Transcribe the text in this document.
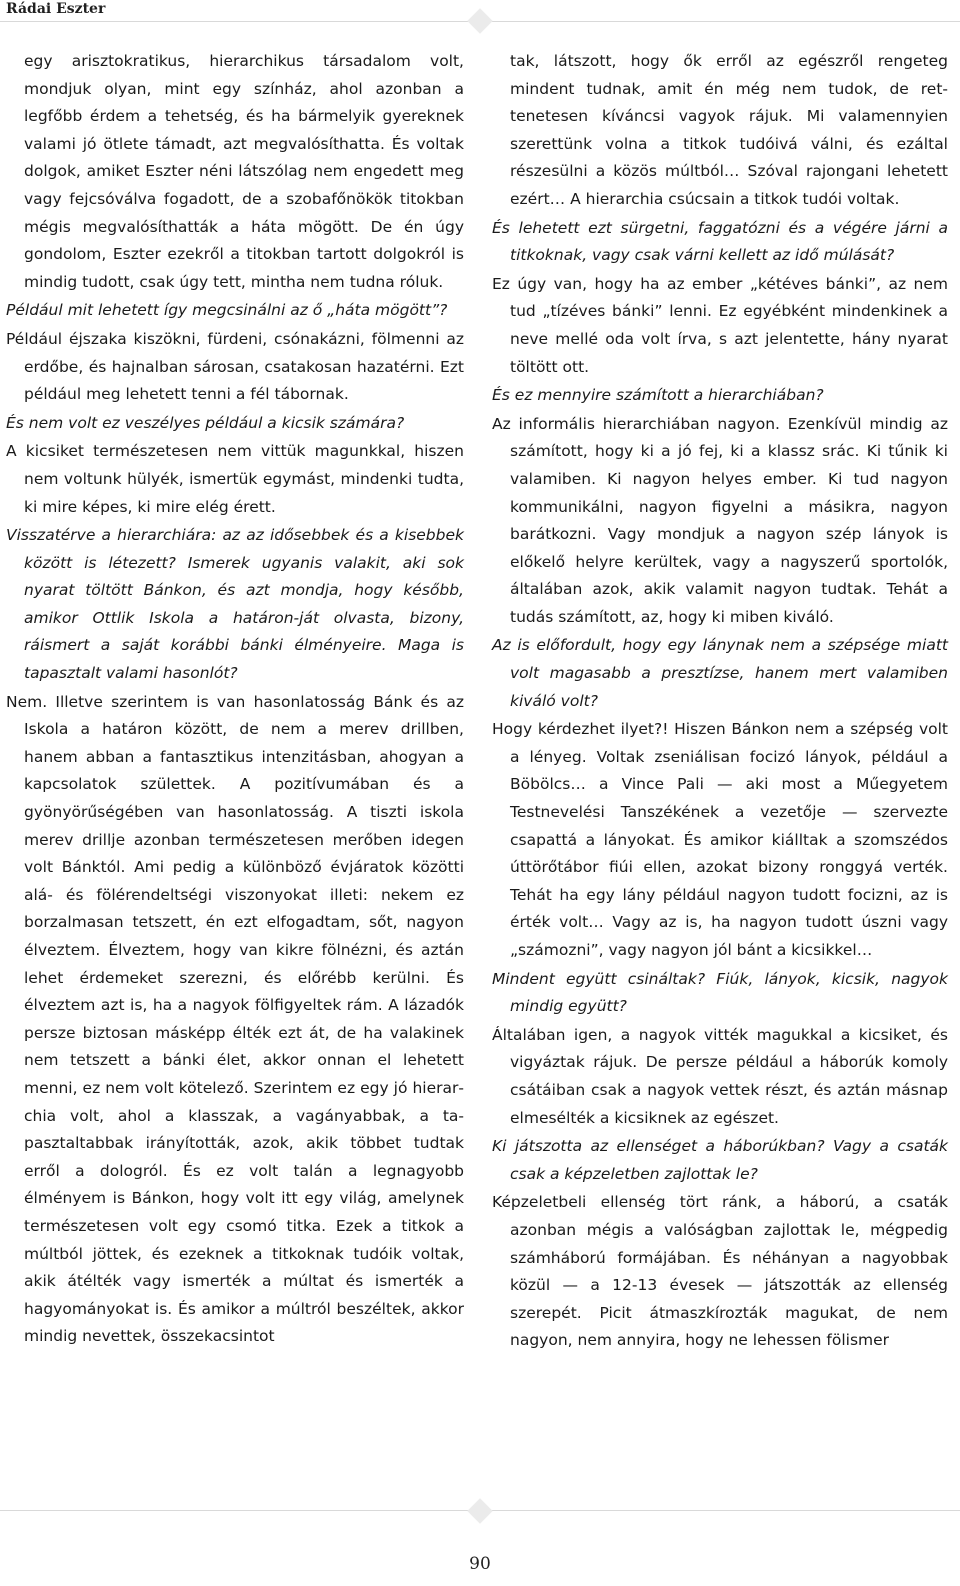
Rádai Eszter

egy arisztokratikus, hierarchikus társadalom volt, mondjuk olyan, mint egy színház, ahol azonban a legfőbb érdem a tehetség, és ha bármelyik gyereknek valami jó ötlete támadt, azt megvalósíthatta. És voltak dolgok, amiket Eszter néni látszólag nem engedett meg vagy fejcsóválva fogadott, de a szobafőnökök titokban mégis megvalósíthatták a háta mögött. De én úgy gondolom, Eszter ezekről a titokban tartott dolgokról is mindig tudott, csak úgy tett, mintha nem tudna róluk.

Például mit lehetett így megcsinálni az ő „háta mögött”?

Például éjszaka kiszökni, fürdeni, csónakázni, fölmenni az erdőbe, és hajnalban sárosan, csatakosan hazatérni. Ezt például meg lehetett tenni a fél tábornak.

És nem volt ez veszélyes például a kicsik számára?

A kicsiket természetesen nem vittük magunkkal, hiszen nem voltunk hülyék, ismertük egymást, mindenki tudta, ki mire képes, ki mire elég érett.

Visszatérve a hierarchiára: az az idősebbek és a kisebbek között is létezett? Ismerek ugyanis valakit, aki sok nyarat töltött Bánkon, és azt mondja, hogy később, amikor Ottlik Iskola a határon-ját olvasta, bizony, ráismert a saját korábbi bánki élményeire. Maga is tapasztalt valami hasonlót?

Nem. Illetve szerintem is van hasonlatosság Bánk és az Iskola a határon között, de nem a merev drillben, hanem abban a fantasztikus intenzitásban, ahogyan a kapcsolatok születtek. A pozitívumában és a gyönyörűségében van hasonlatosság. A tiszti iskola merev drillje azonban természetesen merőben idegen volt Bánktól. Ami pedig a különböző évjáratok közötti alá- és fölérendeltségi viszonyokat illeti: nekem ez borzalmasan tetszett, én ezt elfogadtam, sőt, nagyon élveztem. Élveztem, hogy van kikre fölnézni, és aztán lehet érdemeket szerezni, és előrébb kerülni. És élveztem azt is, ha a nagyok fölfigyeltek rám. A lázadók persze biztosan másképp élték ezt át, de ha valakinek nem tetszett a bánki élet, akkor onnan el lehetett menni, ez nem volt kötelező. Szerintem ez egy jó hierarchia volt, ahol a klasszak, a vagányabbak, a tapasztaltabbak irányították, azok, akik többet tudtak erről a dologról. És ez volt talán a legnagyobb élményem is Bánkon, hogy volt itt egy világ, amelynek természetesen volt egy csomó titka. Ezek a titkok a múltból jöttek, és ezeknek a titkoknak tudóik voltak, akik átélték vagy ismerték a múltat és ismerték a hagyományokat is. És amikor a múltról beszéltek, akkor mindig nevettek, összekacsintot

tak, látszott, hogy ők erről az egészről rengeteg mindent tudnak, amit én még nem tudok, de rettenetesen kíváncsi vagyok rájuk. Mi valamennyien szerettünk volna a titkok tudóivá válni, és ezáltal részesülni a közös múltból… Szóval rajongani lehetett ezért… A hierarchia csúcsain a titkok tudói voltak.

És lehetett ezt sürgetni, faggatózni és a végére járni a titkoknak, vagy csak várni kellett az idő múlását?

Ez úgy van, hogy ha az ember „kétéves bánki”, az nem tud „tízéves bánki” lenni. Ez egyébként mindenkinek a neve mellé oda volt írva, s azt jelentette, hány nyarat töltött ott.

És ez mennyire számított a hierarchiában?

Az informális hierarchiában nagyon. Ezenkívül mindig az számított, hogy ki a jó fej, ki a klassz srác. Ki tűnik ki valamiben. Ki nagyon helyes ember. Ki tud nagyon kommunikálni, nagyon figyelni a másikra, nagyon barátkozni. Vagy mondjuk a nagyon szép lányok is előkelő helyre kerültek, vagy a nagyszerű sportolók, általában azok, akik valamit nagyon tudtak. Tehát a tudás számított, az, hogy ki miben kiváló.

Az is előfordult, hogy egy lánynak nem a szépsége miatt volt magasabb a presztízse, hanem mert valamiben kiváló volt?

Hogy kérdezhet ilyet?! Hiszen Bánkon nem a szépség volt a lényeg. Voltak zseniálisan focizó lányok, például a Böbölcs… a Vince Pali — aki most a Műegyetem Testnevelési Tanszékének a vezetője — szervezte csapattá a lányokat. És amikor kiálltak a szomszédos úttörőtábor fiúi ellen, azokat bizony ronggyá verték. Tehát ha egy lány például nagyon tudott focizni, az is érték volt… Vagy az is, ha nagyon tudott úszni vagy „számozni”, vagy nagyon jól bánt a kicsikkel…

Mindent együtt csináltak? Fiúk, lányok, kicsik, nagyok mindig együtt?

Általában igen, a nagyok vitték magukkal a kicsiket, és vigyáztak rájuk. De persze például a háborúk komoly csátáiban csak a nagyok vettek részt, és aztán másnap elmesélték a kicsiknek az egészet.

Ki játszotta az ellenséget a háborúkban? Vagy a csaták csak a képzeletben zajlottak le?

Képzeletbeli ellenség tört ránk, a háború, a csaták azonban mégis a valóságban zajlottak le, mégpedig számháború formájában. És néhányan a nagyobbak közül — a 12-13 évesek — játszották az ellenség szerepét. Picit átmaszkírozták magukat, de nem nagyon, nem annyira, hogy ne lehessen fölismer

90
